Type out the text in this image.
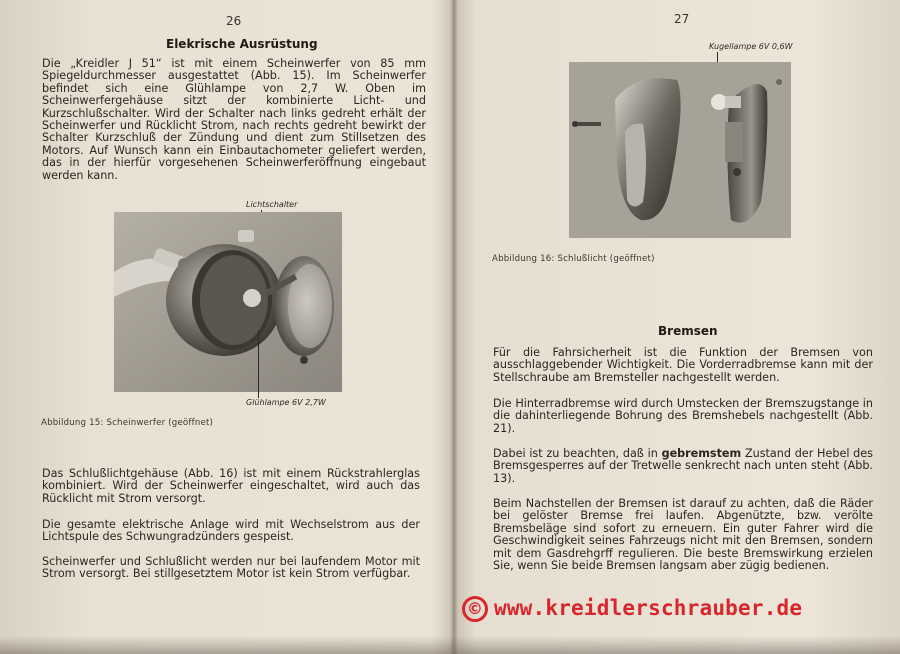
26
Elekrische Ausrüstung
Die „Kreidler J 51“ ist mit einem Scheinwerfer von 85 mm Spiegeldurchmesser ausgestattet (Abb. 15). Im Scheinwerfer befindet sich eine Glühlampe von 2,7 W. Oben im Scheinwerfergehäuse sitzt der kombinierte Licht- und Kurzschlußschalter. Wird der Schalter nach links gedreht erhält der Scheinwerfer und Rücklicht Strom, nach rechts gedreht bewirkt der Schalter Kurzschluß der Zündung und dient zum Stillsetzen des Motors. Auf Wunsch kann ein Einbautachometer geliefert werden, das in der hierfür vorgesehenen Scheinwerferöffnung eingebaut werden kann.
Lichtschalter
Glühlampe 6V 2,7W
Abbildung 15: Scheinwerfer (geöffnet)
Das Schlußlichtgehäuse (Abb. 16) ist mit einem Rückstrahlerglas kombiniert. Wird der Scheinwerfer eingeschaltet, wird auch das Rücklicht mit Strom versorgt.
Die gesamte elektrische Anlage wird mit Wechselstrom aus der Lichtspule des Schwungradzünders gespeist.
Scheinwerfer und Schlußlicht werden nur bei laufendem Motor mit Strom versorgt. Bei stillgesetztem Motor ist kein Strom verfügbar.
27
Kugellampe 6V 0,6W
Abbildung 16: Schlußlicht (geöffnet)
Bremsen
Für die Fahrsicherheit ist die Funktion der Bremsen von ausschlaggebender Wichtigkeit. Die Vorderradbremse kann mit der Stellschraube am Bremsteller nachgestellt werden.
Die Hinterradbremse wird durch Umstecken der Bremszugstange in die dahinterliegende Bohrung des Bremshebels nachgestellt (Abb. 21).
Dabei ist zu beachten, daß in gebremstem Zustand der Hebel des Bremsgesperres auf der Tretwelle senkrecht nach unten steht (Abb. 13).
Beim Nachstellen der Bremsen ist darauf zu achten, daß die Räder bei gelöster Bremse frei laufen. Abgenützte, bzw. verölte Bremsbeläge sind sofort zu erneuern. Ein guter Fahrer wird die Geschwindigkeit seines Fahrzeugs nicht mit den Bremsen, sondern mit dem Gasdrehgrff regulieren. Die beste Bremswirkung erzielen Sie, wenn Sie beide Bremsen langsam aber zügig bedienen.
© www.kreidlerschrauber.de
